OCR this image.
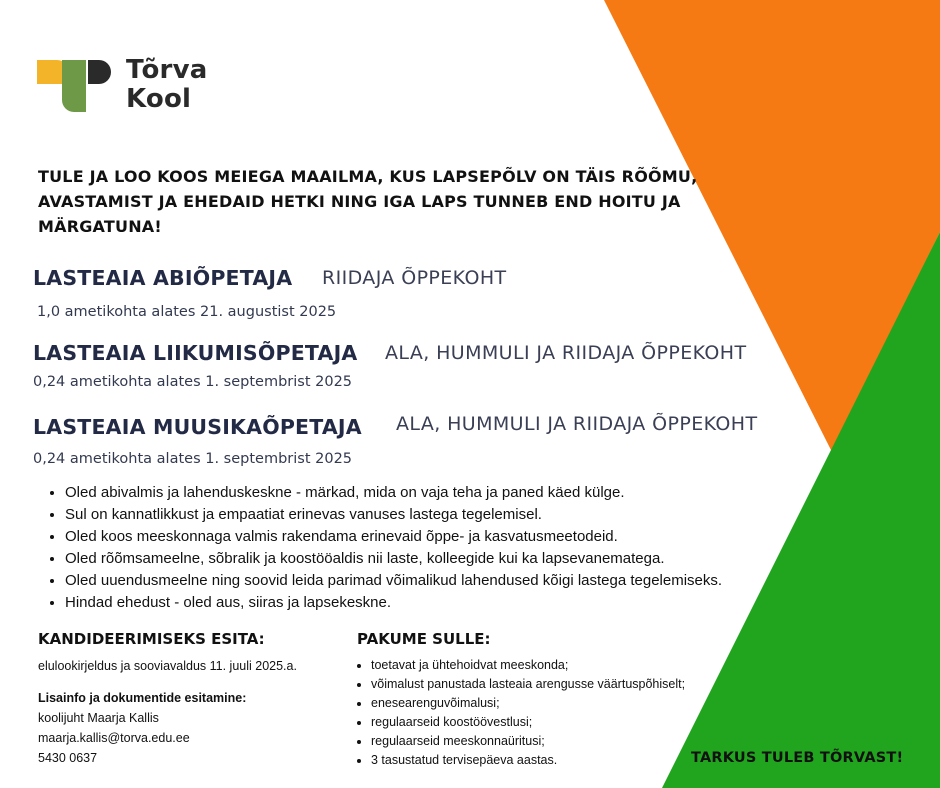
Tõrva
Kool
TULE JA LOO KOOS MEIEGA MAAILMA, KUS LAPSEPÕLV ON TÄIS RÕÕMU, AVASTAMIST JA EHEDAID HETKI NING IGA LAPS TUNNEB END HOITU JA MÄRGATUNA!
LASTEAIA ABIÕPETAJA RIIDAJA ÕPPEKOHT
1,0 ametikohta alates 21. augustist 2025
LASTEAIA LIIKUMISÕPETAJA ALA, HUMMULI JA RIIDAJA ÕPPEKOHT
0,24 ametikohta alates 1. septembrist 2025
LASTEAIA MUUSIKAÕPETAJA ALA, HUMMULI JA RIIDAJA ÕPPEKOHT
0,24 ametikohta alates 1. septembrist 2025
• Oled abivalmis ja lahenduskeskne - märkad, mida on vaja teha ja paned käed külge.
• Sul on kannatlikkust ja empaatiat erinevas vanuses lastega tegelemisel.
• Oled koos meeskonnaga valmis rakendama erinevaid õppe- ja kasvatusmeetodeid.
• Oled rõõmsameelne, sõbralik ja koostööaldis nii laste, kolleegide kui ka lapsevanematega.
• Oled uuendusmeelne ning soovid leida parimad võimalikud lahendused kõigi lastega tegelemiseks.
• Hindad ehedust - oled aus, siiras ja lapsekeskne.
KANDIDEERIMISEKS ESITA:
elulookirjeldus ja sooviavaldus 11. juuli 2025.a.
Lisainfo ja dokumentide esitamine:
koolijuht Maarja Kallis
maarja.kallis@torva.edu.ee
5430 0637
PAKUME SULLE:
• toetavat ja ühtehoidvat meeskonda;
• võimalust panustada lasteaia arengusse väärtuspõhiselt;
• enesearenguvõimalusi;
• regulaarseid koostöövestlusi;
• regulaarseid meeskonnaüritusi;
• 3 tasustatud tervisepäeva aastas.	TARKUS TULEB TÕRVAST!
